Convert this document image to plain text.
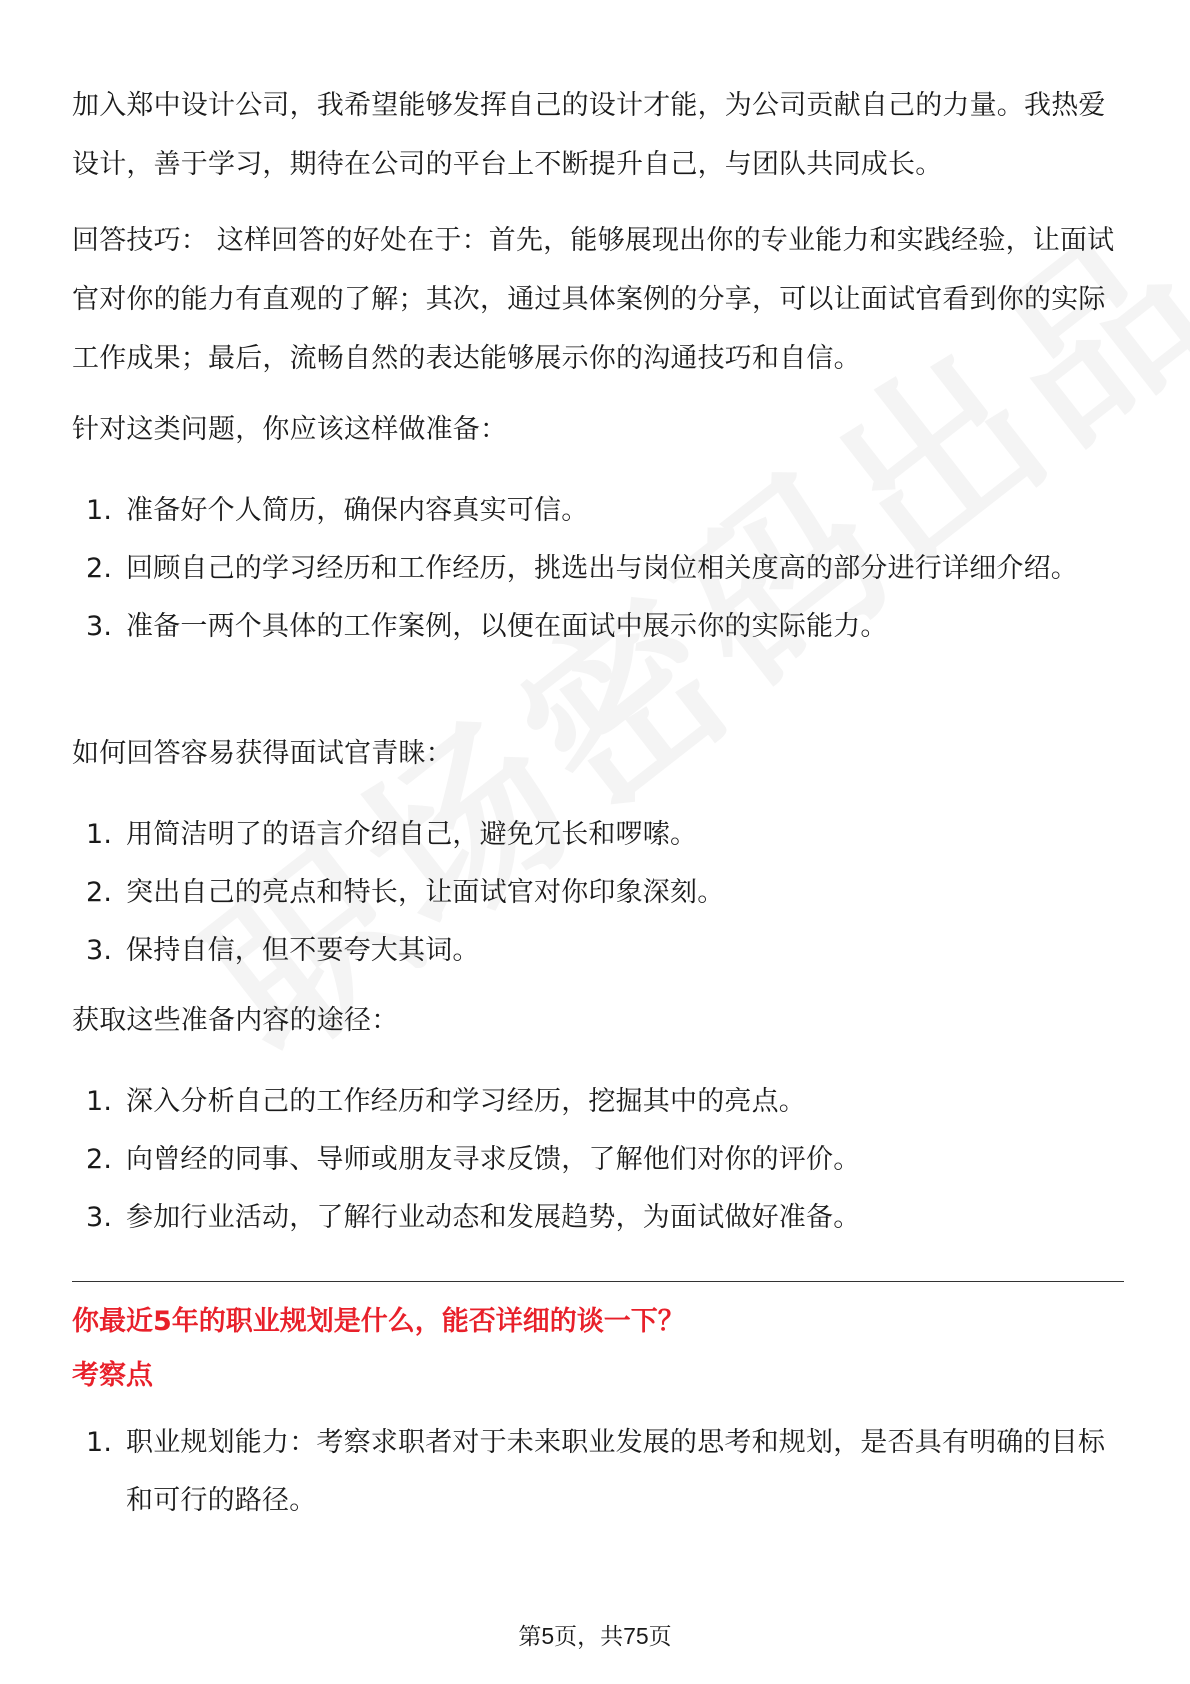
加入郑中设计公司，我希望能够发挥自己的设计才能，为公司贡献自己的力量。我热爱设计，善于学习，期待在公司的平台上不断提升自己，与团队共同成长。

回答技巧： 这样回答的好处在于：首先，能够展现出你的专业能力和实践经验，让面试官对你的能力有直观的了解；其次，通过具体案例的分享，可以让面试官看到你的实际工作成果；最后，流畅自然的表达能够展示你的沟通技巧和自信。

针对这类问题，你应该这样做准备：

1. 准备好个人简历，确保内容真实可信。
2. 回顾自己的学习经历和工作经历，挑选出与岗位相关度高的部分进行详细介绍。
3. 准备一两个具体的工作案例，以便在面试中展示你的实际能力。

如何回答容易获得面试官青睐：

1. 用简洁明了的语言介绍自己，避免冗长和啰嗦。
2. 突出自己的亮点和特长，让面试官对你印象深刻。
3. 保持自信，但不要夸大其词。

获取这些准备内容的途径：

1. 深入分析自己的工作经历和学习经历，挖掘其中的亮点。
2. 向曾经的同事、导师或朋友寻求反馈，了解他们对你的评价。
3. 参加行业活动，了解行业动态和发展趋势，为面试做好准备。

你最近5年的职业规划是什么，能否详细的谈一下？

考察点

1. 职业规划能力：考察求职者对于未来职业发展的思考和规划，是否具有明确的目标和可行的路径。
第5页，共75页
